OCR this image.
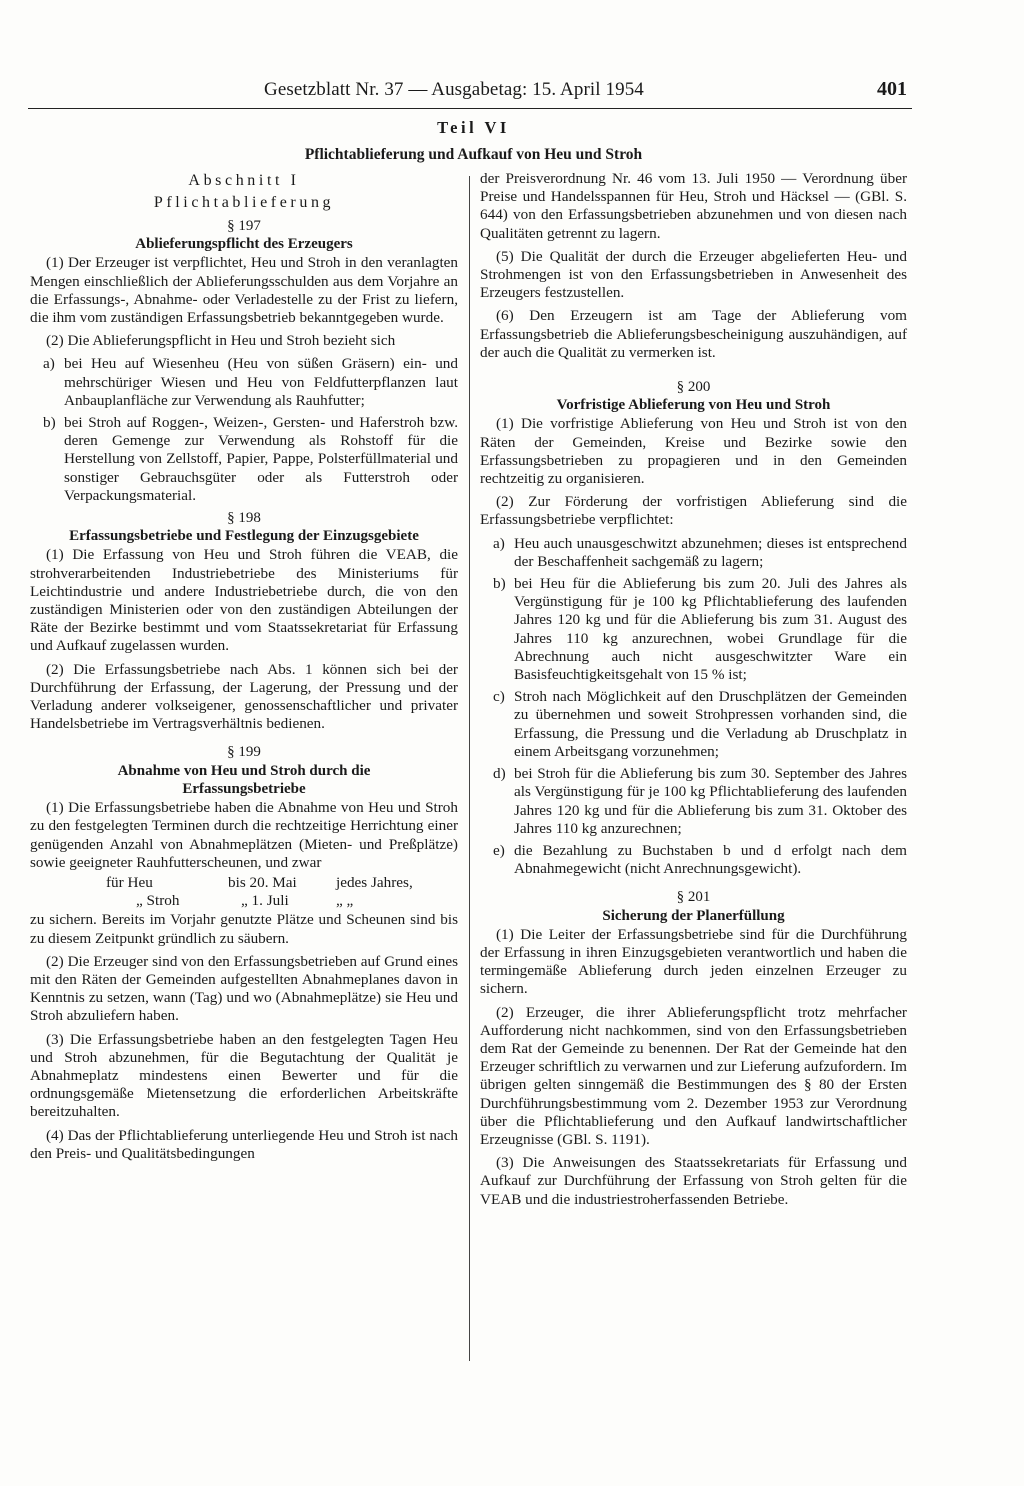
Gesetzblatt Nr. 37 — Ausgabetag: 15. April 1954	401
Teil VI
Pflichtablieferung und Aufkauf von Heu und Stroh
Abschnitt I
Pflichtablieferung
§ 197
Ablieferungspflicht des Erzeugers

(1) Der Erzeuger ist verpflichtet, Heu und Stroh in den veranlagten Mengen einschließlich der Ablieferungsschulden aus dem Vorjahre an die Erfassungs-, Abnahme- oder Verladestelle zu der Frist zu liefern, die ihm vom zuständigen Erfassungsbetrieb bekanntgegeben wurde.

(2) Die Ablieferungspflicht in Heu und Stroh bezieht sich

a) bei Heu auf Wiesenheu (Heu von süßen Gräsern) ein- und mehrschüriger Wiesen und Heu von Feldfutterpflanzen laut Anbauplanfläche zur Verwendung als Rauhfutter;
b) bei Stroh auf Roggen-, Weizen-, Gersten- und Haferstroh bzw. deren Gemenge zur Verwendung als Rohstoff für die Herstellung von Zellstoff, Papier, Pappe, Polsterfüllmaterial und sonstiger Gebrauchsgüter oder als Futterstroh oder Verpackungsmaterial.
§ 198
Erfassungsbetriebe und Festlegung der Einzugsgebiete

(1) Die Erfassung von Heu und Stroh führen die VEAB, die strohverarbeitenden Industriebetriebe des Ministeriums für Leichtindustrie und andere Industriebetriebe durch, die von den zuständigen Ministerien oder von den zuständigen Abteilungen der Räte der Bezirke bestimmt und vom Staatssekretariat für Erfassung und Aufkauf zugelassen wurden.

(2) Die Erfassungsbetriebe nach Abs. 1 können sich bei der Durchführung der Erfassung, der Lagerung, der Pressung und der Verladung anderer volkseigener, genossenschaftlicher und privater Handelsbetriebe im Vertragsverhältnis bedienen.

§ 199
Abnahme von Heu und Stroh durch die
Erfassungsbetriebe

(1) Die Erfassungsbetriebe haben die Abnahme von Heu und Stroh zu den festgelegten Terminen durch die rechtzeitige Herrichtung einer genügenden Anzahl von Abnahmeplätzen (Mieten- und Preßplätze) sowie geeigneter Rauhfutterscheunen, und zwar

für Heu	bis 20. Mai	jedes Jahres,
„ Stroh	„ 1. Juli	„ „

zu sichern. Bereits im Vorjahr genutzte Plätze und Scheunen sind bis zu diesem Zeitpunkt gründlich zu säubern.

(2) Die Erzeuger sind von den Erfassungsbetrieben auf Grund eines mit den Räten der Gemeinden aufgestellten Abnahmeplanes davon in Kenntnis zu setzen, wann (Tag) und wo (Abnahmeplätze) sie Heu und Stroh abzuliefern haben.

(3) Die Erfassungsbetriebe haben an den festgelegten Tagen Heu und Stroh abzunehmen, für die Begutachtung der Qualität je Abnahmeplatz mindestens einen Bewerter und für die ordnungsgemäße Mietensetzung die erforderlichen Arbeitskräfte bereitzuhalten.

(4) Das der Pflichtablieferung unterliegende Heu und Stroh ist nach den Preis- und Qualitätsbedingungen

der Preisverordnung Nr. 46 vom 13. Juli 1950 — Verordnung über Preise und Handelsspannen für Heu, Stroh und Häcksel — (GBl. S. 644) von den Erfassungsbetrieben abzunehmen und von diesen nach Qualitäten getrennt zu lagern.

(5) Die Qualität der durch die Erzeuger abgelieferten Heu- und Strohmengen ist von den Erfassungsbetrieben in Anwesenheit des Erzeugers festzustellen.

(6) Den Erzeugern ist am Tage der Ablieferung vom Erfassungsbetrieb die Ablieferungsbescheinigung auszuhändigen, auf der auch die Qualität zu vermerken ist.

§ 200
Vorfristige Ablieferung von Heu und Stroh

(1) Die vorfristige Ablieferung von Heu und Stroh ist von den Räten der Gemeinden, Kreise und Bezirke sowie den Erfassungsbetrieben zu propagieren und in den Gemeinden rechtzeitig zu organisieren.

(2) Zur Förderung der vorfristigen Ablieferung sind die Erfassungsbetriebe verpflichtet:

a) Heu auch unausgeschwitzt abzunehmen; dieses ist entsprechend der Beschaffenheit sachgemäß zu lagern;
b) bei Heu für die Ablieferung bis zum 20. Juli des Jahres als Vergünstigung für je 100 kg Pflichtablieferung des laufenden Jahres 120 kg und für die Ablieferung bis zum 31. August des Jahres 110 kg anzurechnen, wobei Grundlage für die Abrechnung auch nicht ausgeschwitzter Ware ein Basisfeuchtigkeitsgehalt von 15 % ist;
c) Stroh nach Möglichkeit auf den Druschplätzen der Gemeinden zu übernehmen und soweit Strohpressen vorhanden sind, die Erfassung, die Pressung und die Verladung ab Druschplatz in einem Arbeitsgang vorzunehmen;
d) bei Stroh für die Ablieferung bis zum 30. September des Jahres als Vergünstigung für je 100 kg Pflichtablieferung des laufenden Jahres 120 kg und für die Ablieferung bis zum 31. Oktober des Jahres 110 kg anzurechnen;
e) die Bezahlung zu Buchstaben b und d erfolgt nach dem Abnahmegewicht (nicht Anrechnungsgewicht).
§ 201
Sicherung der Planerfüllung

(1) Die Leiter der Erfassungsbetriebe sind für die Durchführung der Erfassung in ihren Einzugsgebieten verantwortlich und haben die termingemäße Ablieferung durch jeden einzelnen Erzeuger zu sichern.

(2) Erzeuger, die ihrer Ablieferungspflicht trotz mehrfacher Aufforderung nicht nachkommen, sind von den Erfassungsbetrieben dem Rat der Gemeinde zu benennen. Der Rat der Gemeinde hat den Erzeuger schriftlich zu verwarnen und zur Lieferung aufzufordern. Im übrigen gelten sinngemäß die Bestimmungen des § 80 der Ersten Durchführungsbestimmung vom 2. Dezember 1953 zur Verordnung über die Pflichtablieferung und den Aufkauf landwirtschaftlicher Erzeugnisse (GBl. S. 1191).

(3) Die Anweisungen des Staatssekretariats für Erfassung und Aufkauf zur Durchführung der Erfassung von Stroh gelten für die VEAB und die industriestroherfassenden Betriebe.
